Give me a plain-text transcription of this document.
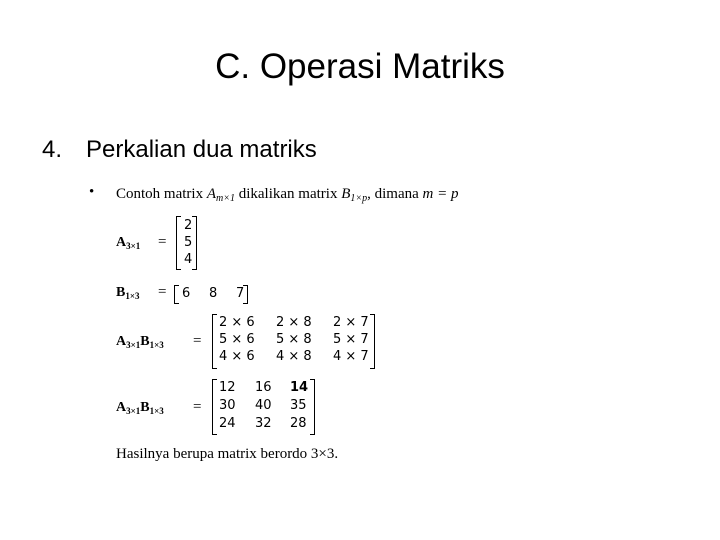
C. Operasi Matriks
4. Perkalian dua matriks
• Contoh matrix $A_{m\times 1}$ dikalikan matrix $B_{1\times p}$, dimana m = p
$A_{3\times 1}$ =
2
5
4
$B_{1\times 3} = 6$ 8 7
$A_{3\times 1}B_{1\times 3}$ =
2 × 6 2 × 8 2 × 7
5 × 6 5 × 8 5 × 7
4 × 6 4 × 8 4 × 7
$A_{3\times 1}B_{1\times 3}$ =
12 16 14
30 40 35
24 32 28
Hasilnya berupa matrix berordo 3×3.
